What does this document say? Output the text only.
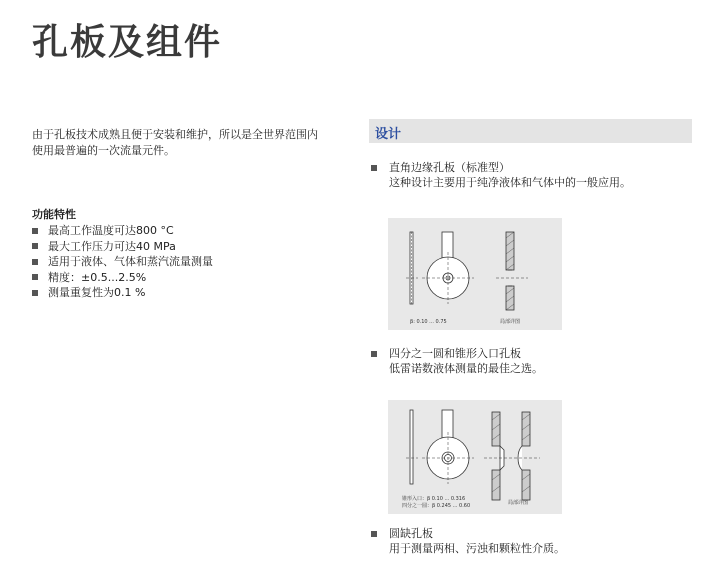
孔板及组件
由于孔板技术成熟且便于安装和维护，所以是全世界范围内
使用最普遍的一次流量元件。
功能特性
最高工作温度可达800 °C
最大工作压力可达40 MPa
适用于液体、气体和蒸汽流量测量
精度：±0.5...2.5%
测量重复性为0.1 %
设计
直角边缘孔板（标准型）
这种设计主要用于纯净液体和气体中的一般应用。
β: 0.10 ... 0.75	局部详图
四分之一圆和锥形入口孔板
低雷诺数液体测量的最佳之选。
锥形入口：β 0.10 ... 0.316
四分之一圆：β 0.245 ... 0.60	局部详图
圆缺孔板
用于测量两相、污浊和颗粒性介质。
